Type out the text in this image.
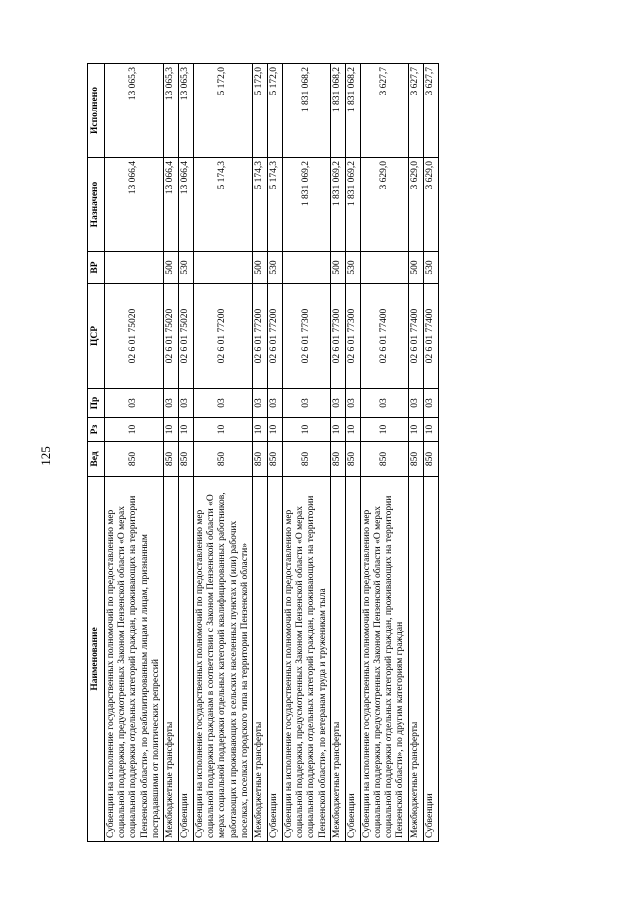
125
Наименование	Вед	Рз	Пр	ЦСР	ВР	Назначено	Исполнено
Субвенции на исполнение государственных полномочий по предоставлению мер социальной поддержки, предусмотренных Законом Пензенской области «О мерах социальной поддержки отдельных категорий граждан, проживающих на территории Пензенской области», по реабилитированным лицам и лицам, признанным пострадавшими от политических репрессий	850	10	03	02 6 01 75020		13 066,4	13 065,3
Межбюджетные трансферты	850	10	03	02 6 01 75020	500	13 066,4	13 065,3
Субвенции	850	10	03	02 6 01 75020	530	13 066,4	13 065,3
Субвенции на исполнение государственных полномочий по предоставлению мер социальной поддержки гражданам в соответствии с Законом Пензенской области «О мерах социальной поддержки отдельных категорий квалифицированных работников, работающих и проживающих в сельских населенных пунктах и (или) рабочих поселках, поселках городского типа на территории Пензенской области»	850	10	03	02 6 01 77200		5 174,3	5 172,0
Межбюджетные трансферты	850	10	03	02 6 01 77200	500	5 174,3	5 172,0
Субвенции	850	10	03	02 6 01 77200	530	5 174,3	5 172,0
Субвенции на исполнение государственных полномочий по предоставлению мер социальной поддержки, предусмотренных Законом Пензенской области «О мерах социальной поддержки отдельных категорий граждан, проживающих на территории Пензенской области», по ветеранам труда и труженикам тыла	850	10	03	02 6 01 77300		1 831 069,2	1 831 068,2
Межбюджетные трансферты	850	10	03	02 6 01 77300	500	1 831 069,2	1 831 068,2
Субвенции	850	10	03	02 6 01 77300	530	1 831 069,2	1 831 068,2
Субвенции на исполнение государственных полномочий по предоставлению мер социальной поддержки, предусмотренных Законом Пензенской области «О мерах социальной поддержки отдельных категорий граждан, проживающих на территории Пензенской области», по другим категориям граждан	850	10	03	02 6 01 77400		3 629,0	3 627,7
Межбюджетные трансферты	850	10	03	02 6 01 77400	500	3 629,0	3 627,7
Субвенции	850	10	03	02 6 01 77400	530	3 629,0	3 627,7
